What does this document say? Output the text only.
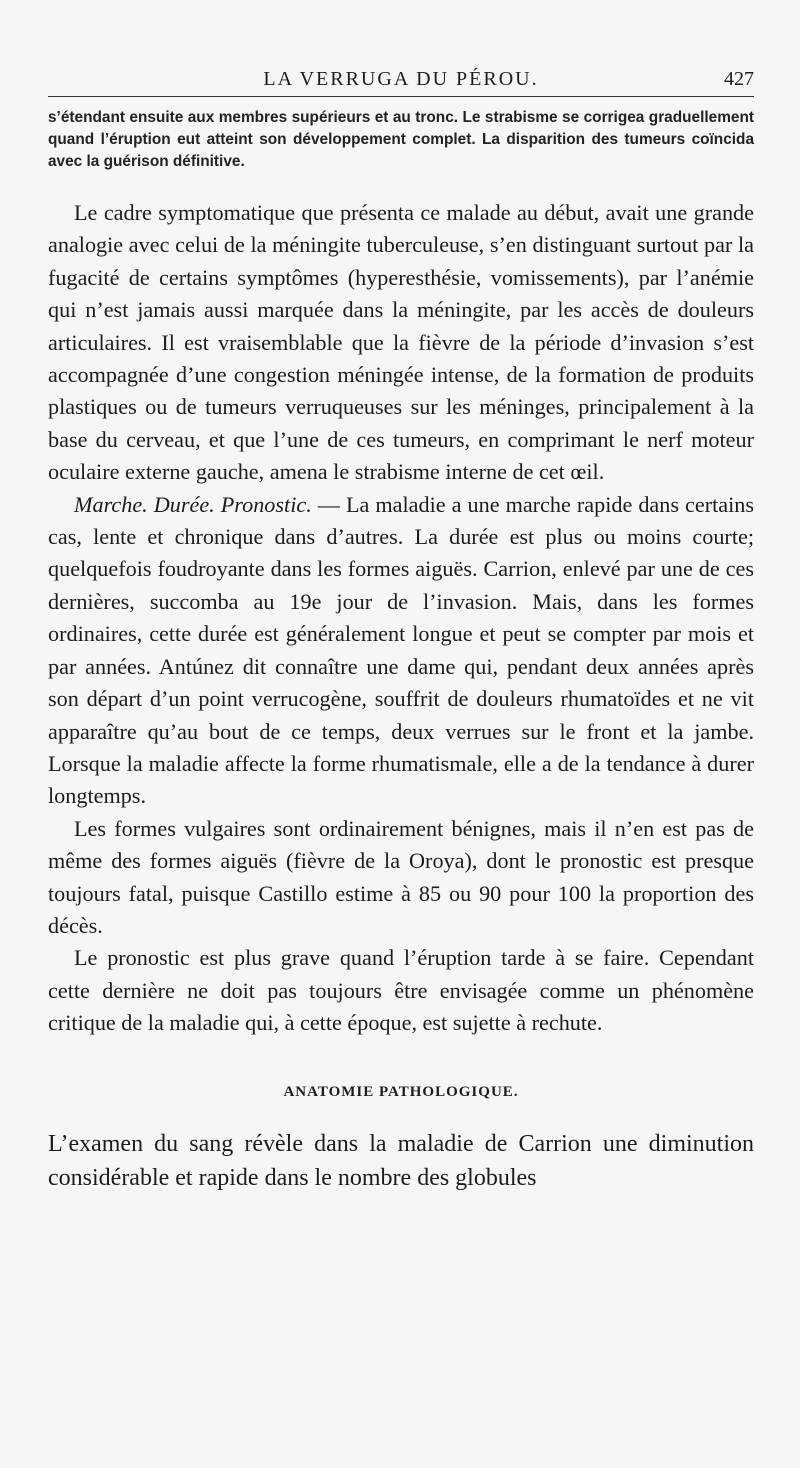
LA VERRUGA DU PÉROU.	427
s’étendant ensuite aux membres supérieurs et au tronc. Le strabisme se corrigea graduellement quand l’éruption eut atteint son développement complet. La disparition des tumeurs coïncida avec la guérison définitive.

Le cadre symptomatique que présenta ce malade au début, avait une grande analogie avec celui de la méningite tuberculeuse, s’en distinguant surtout par la fugacité de certains symptômes (hyperesthésie, vomissements), par l’anémie qui n’est jamais aussi marquée dans la méningite, par les accès de douleurs articulaires. Il est vraisemblable que la fièvre de la période d’invasion s’est accompagnée d’une congestion méningée intense, de la formation de produits plastiques ou de tumeurs verruqueuses sur les méninges, principalement à la base du cerveau, et que l’une de ces tumeurs, en comprimant le nerf moteur oculaire externe gauche, amena le strabisme interne de cet œil.

Marche. Durée. Pronostic. — La maladie a une marche rapide dans certains cas, lente et chronique dans d’autres. La durée est plus ou moins courte; quelquefois foudroyante dans les formes aiguës. Carrion, enlevé par une de ces dernières, succomba au 19e jour de l’invasion. Mais, dans les formes ordinaires, cette durée est généralement longue et peut se compter par mois et par années. Antúnez dit connaître une dame qui, pendant deux années après son départ d’un point verrucogène, souffrit de douleurs rhumatoïdes et ne vit apparaître qu’au bout de ce temps, deux verrues sur le front et la jambe. Lorsque la maladie affecte la forme rhumatismale, elle a de la tendance à durer longtemps.

Les formes vulgaires sont ordinairement bénignes, mais il n’en est pas de même des formes aiguës (fièvre de la Oroya), dont le pronostic est presque toujours fatal, puisque Castillo estime à 85 ou 90 pour 100 la proportion des décès.

Le pronostic est plus grave quand l’éruption tarde à se faire. Cependant cette dernière ne doit pas toujours être envisagée comme un phénomène critique de la maladie qui, à cette époque, est sujette à rechute.

ANATOMIE PATHOLOGIQUE.

L’examen du sang révèle dans la maladie de Carrion une diminution considérable et rapide dans le nombre des globules
